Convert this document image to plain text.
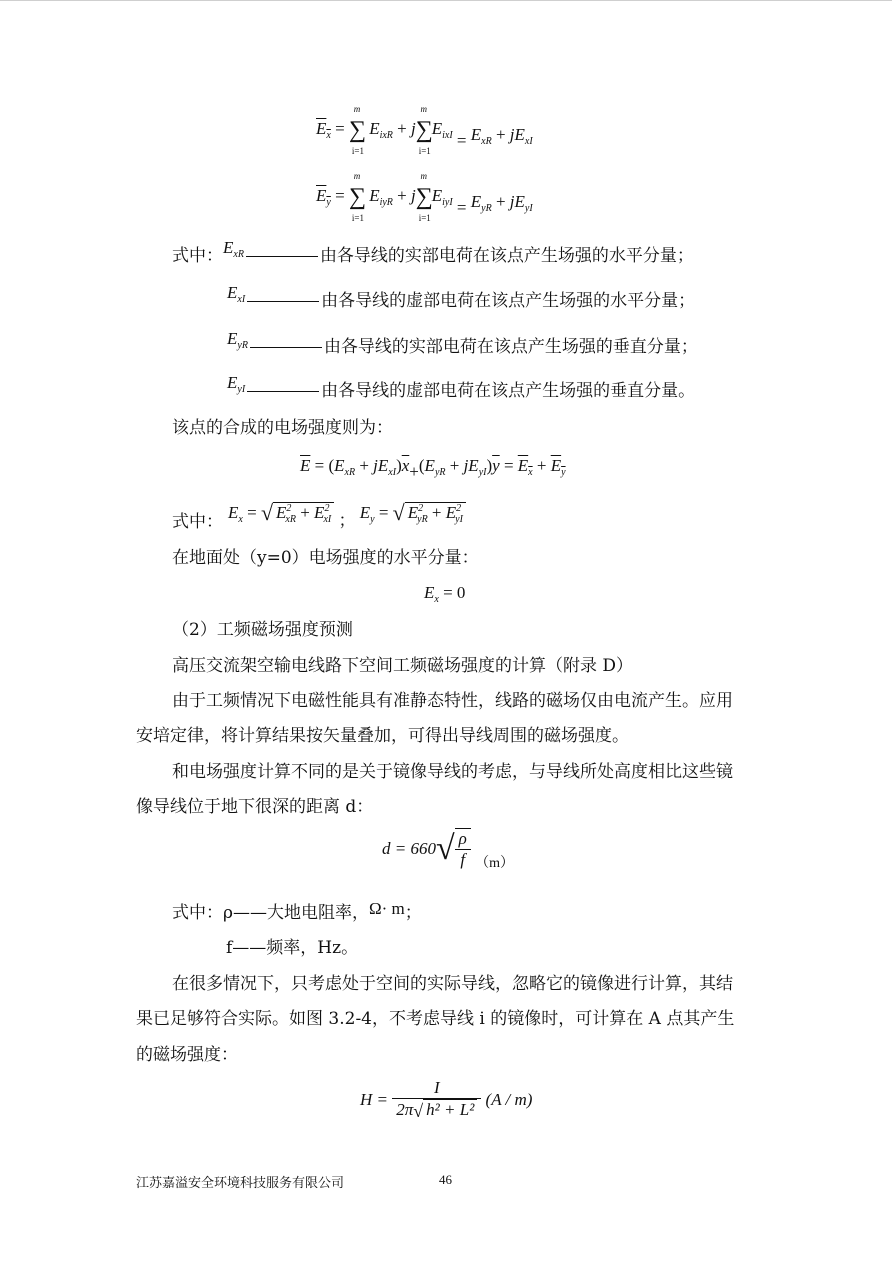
$E_x$ =
m
∑
i=1
$E_{ixR} + j$
m
∑
i=1
$E_{ixI} = E_{xR} + jE_{xI}$
$E_y$ =
m
∑
i=1
$E_{iyR} + j$
m
∑
i=1
$E_{iyI} = E_{yR} + jE_{yI}$
式中：$E_{xR}$	由各导线的实部电荷在该点产生场强的水平分量；
$E_{xI}$	由各导线的虚部电荷在该点产生场强的水平分量；
$E_{yR}$	由各导线的实部电荷在该点产生场强的垂直分量；
$E_{yI}$	由各导线的虚部电荷在该点产生场强的垂直分量。
该点的合成的电场强度则为：
$\overline{E} = (E_{xR} + jE_{xI})\overline{x}+(E_{yR} + jE_{yI})\overline{y} = E_x + E_y$
式中： $E_x$ = √ $E^2_{xR} + E^2_{xI}$ ； $E_y$ = √ $E^2_{yR} + E^2_{yI}$
在地面处（y=0）电场强度的水平分量：
$E_x = 0$
（2）工频磁场强度预测
高压交流架空输电线路下空间工频磁场强度的计算（附录 D）
由于工频情况下电磁性能具有准静态特性，线路的磁场仅由电流产生。应用
安培定律，将计算结果按矢量叠加，可得出导线周围的磁场强度。
和电场强度计算不同的是关于镜像导线的考虑，与导线所处高度相比这些镜
像导线位于地下很深的距离 d：
$d = 660√ \frac{\rho}{f} _{(m)}$
式中：ρ——大地电阻率，Ω· m；
f——频率，Hz。
在很多情况下，只考虑处于空间的实际导线，忽略它的镜像进行计算，其结
果已足够符合实际。如图 3.2-4，不考虑导线 i 的镜像时，可计算在 A 点其产生
的磁场强度：
$H = \frac{I}{\text{2π√ h² + L²}} (A / m)$
江苏嘉溢安全环境科技服务有限公司	46
